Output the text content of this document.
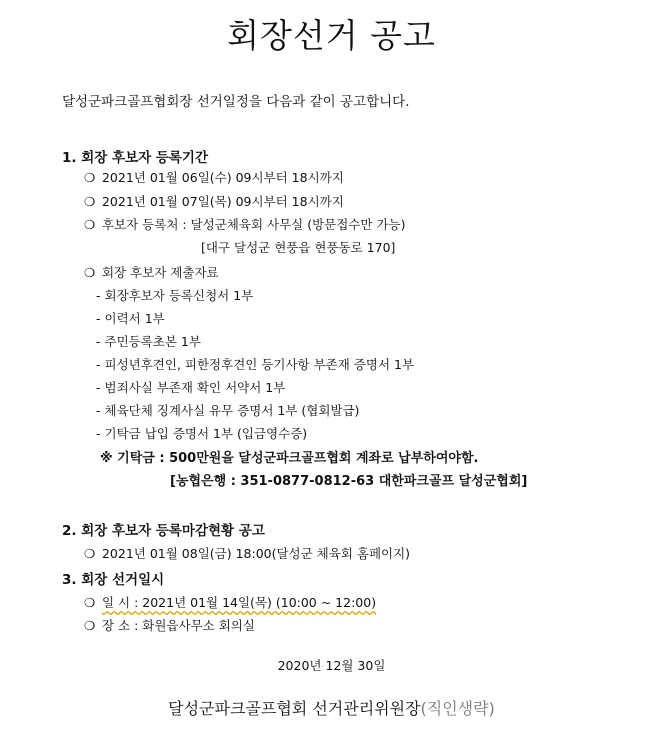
회장선거 공고
달성군파크골프협회장 선거일정을 다음과 같이 공고합니다.
1. 회장 후보자 등록기간
❍ 2021년 01월 06일(수) 09시부터 18시까지
❍ 2021년 01월 07일(목) 09시부터 18시까지
❍ 후보자 등록처 : 달성군체육회 사무실 (방문접수만 가능)
[대구 달성군 현풍읍 현풍동로 170]
❍ 회장 후보자 제출자료
- 회장후보자 등록신청서 1부
- 이력서 1부
- 주민등록초본 1부
- 피성년후견인, 피한정후견인 등기사항 부존재 증명서 1부
- 범죄사실 부존재 확인 서약서 1부
- 체육단체 징계사실 유무 증명서 1부 (협회발급)
- 기탁금 납입 증명서 1부 (입금영수증)
※ 기탁금 : 500만원을 달성군파크골프협회 계좌로 납부하여야함.
[농협은행 : 351-0877-0812-63 대한파크골프 달성군협회]
2. 회장 후보자 등록마감현황 공고
❍ 2021년 01월 08일(금) 18:00(달성군 체육회 홈페이지)
3. 회장 선거일시
❍ 일 시 : 2021년 01월 14일(목) (10:00 ~ 12:00)
❍ 장 소 : 화원읍사무소 회의실
2020년 12월 30일
달성군파크골프협회 선거관리위원장(직인생략)
